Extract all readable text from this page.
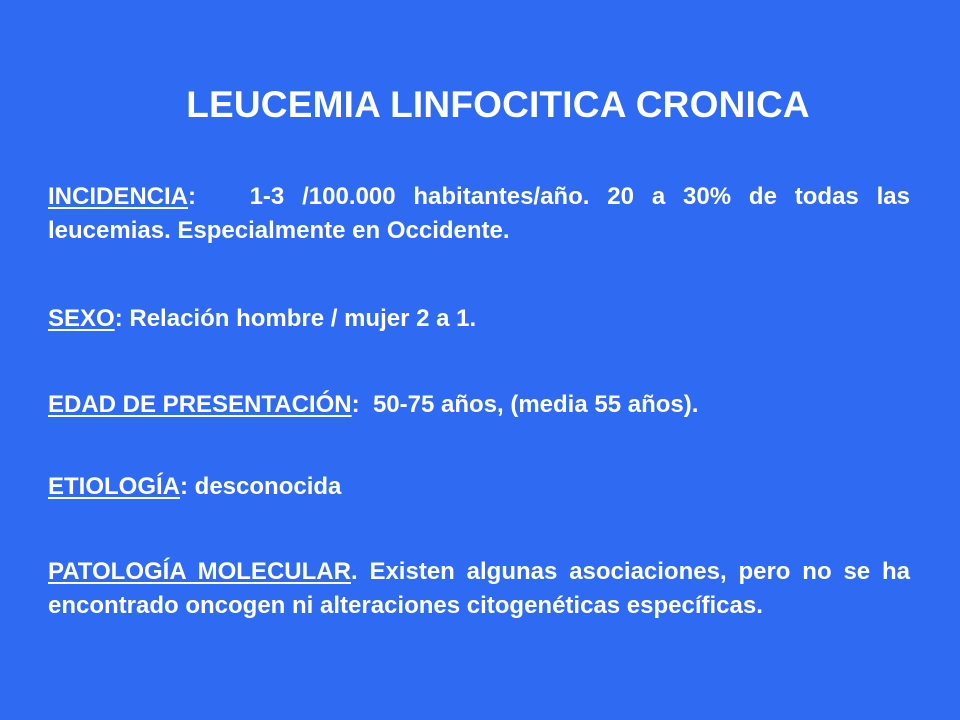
LEUCEMIA LINFOCITICA CRONICA

INCIDENCIA: 1-3 /100.000 habitantes/año. 20 a 30% de todas las leucemias. Especialmente en Occidente.

SEXO: Relación hombre / mujer 2 a 1.

EDAD DE PRESENTACIÓN: 50-75 años, (media 55 años).

ETIOLOGÍA: desconocida

PATOLOGÍA MOLECULAR. Existen algunas asociaciones, pero no se ha encontrado oncogen ni alteraciones citogenéticas específicas.
